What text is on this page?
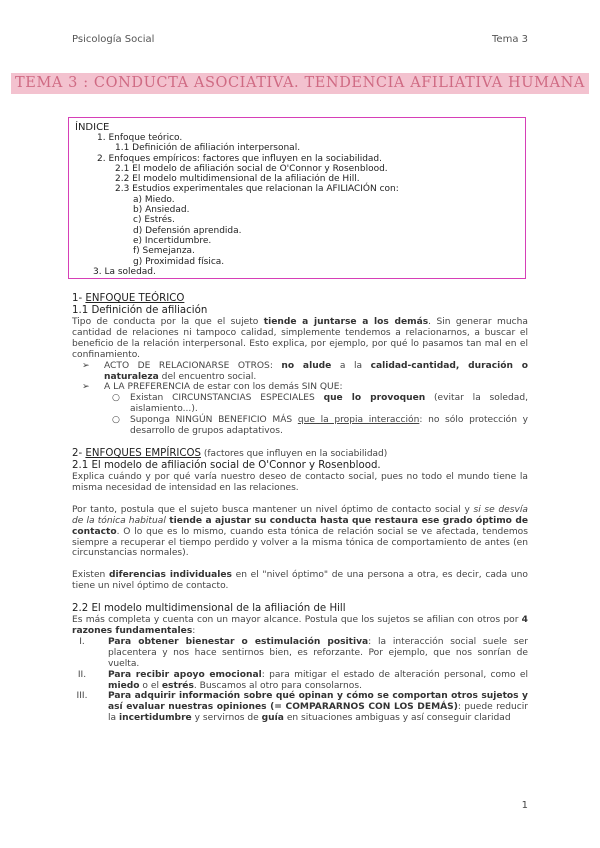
Psicología Social	Tema 3
TEMA 3 : CONDUCTA ASOCIATIVA. TENDENCIA AFILIATIVA HUMANA
ÍNDICE
1. Enfoque teórico.
1.1 Definición de afiliación interpersonal.
2. Enfoques empíricos: factores que influyen en la sociabilidad.
2.1 El modelo de afiliación social de O'Connor y Rosenblood.
2.2 El modelo multidimensional de la afiliación de Hill.
2.3 Estudios experimentales que relacionan la AFILIACIÓN con:
a) Miedo.
b) Ansiedad.
c) Estrés.
d) Defensión aprendida.
e) Incertidumbre.
f) Semejanza.
g) Proximidad física.
3. La soledad.
1- ENFOQUE TEÓRICO
1.1 Definición de afiliación
Tipo de conducta por la que el sujeto tiende a juntarse a los demás. Sin generar mucha cantidad de relaciones ni tampoco calidad, simplemente tendemos a relacionarnos, a buscar el beneficio de la relación interpersonal. Esto explica, por ejemplo, por qué lo pasamos tan mal en el confinamiento.
➢ ACTO DE RELACIONARSE OTROS: no alude a la calidad-cantidad, duración o naturaleza del encuentro social.
➢ A LA PREFERENCIA de estar con los demás SIN QUE:
○ Existan CIRCUNSTANCIAS ESPECIALES que lo provoquen (evitar la soledad, aislamiento...).
○ Suponga NINGÚN BENEFICIO MÁS que la propia interacción: no sólo protección y desarrollo de grupos adaptativos.
2- ENFOQUES EMPÍRICOS (factores que influyen en la sociabilidad)
2.1 El modelo de afiliación social de O'Connor y Rosenblood.
Explica cuándo y por qué varía nuestro deseo de contacto social, pues no todo el mundo tiene la misma necesidad de intensidad en las relaciones.
Por tanto, postula que el sujeto busca mantener un nivel óptimo de contacto social y si se desvía de la tónica habitual tiende a ajustar su conducta hasta que restaura ese grado óptimo de contacto. O lo que es lo mismo, cuando esta tónica de relación social se ve afectada, tendemos siempre a recuperar el tiempo perdido y volver a la misma tónica de comportamiento de antes (en circunstancias normales).
Existen diferencias individuales en el "nivel óptimo" de una persona a otra, es decir, cada uno tiene un nivel óptimo de contacto.
2.2 El modelo multidimensional de la afiliación de Hill
Es más completa y cuenta con un mayor alcance. Postula que los sujetos se afilian con otros por 4 razones fundamentales:
I.	Para obtener bienestar o estimulación positiva: la interacción social suele ser placentera y nos hace sentirnos bien, es reforzante. Por ejemplo, que nos sonrían de vuelta.
II.	Para recibir apoyo emocional: para mitigar el estado de alteración personal, como el miedo o el estrés. Buscamos al otro para consolarnos.
III.	Para adquirir información sobre qué opinan y cómo se comportan otros sujetos y así evaluar nuestras opiniones (= COMPARARNOS CON LOS DEMÁS): puede reducir la incertidumbre y servirnos de guía en situaciones ambiguas y así conseguir claridad
1
